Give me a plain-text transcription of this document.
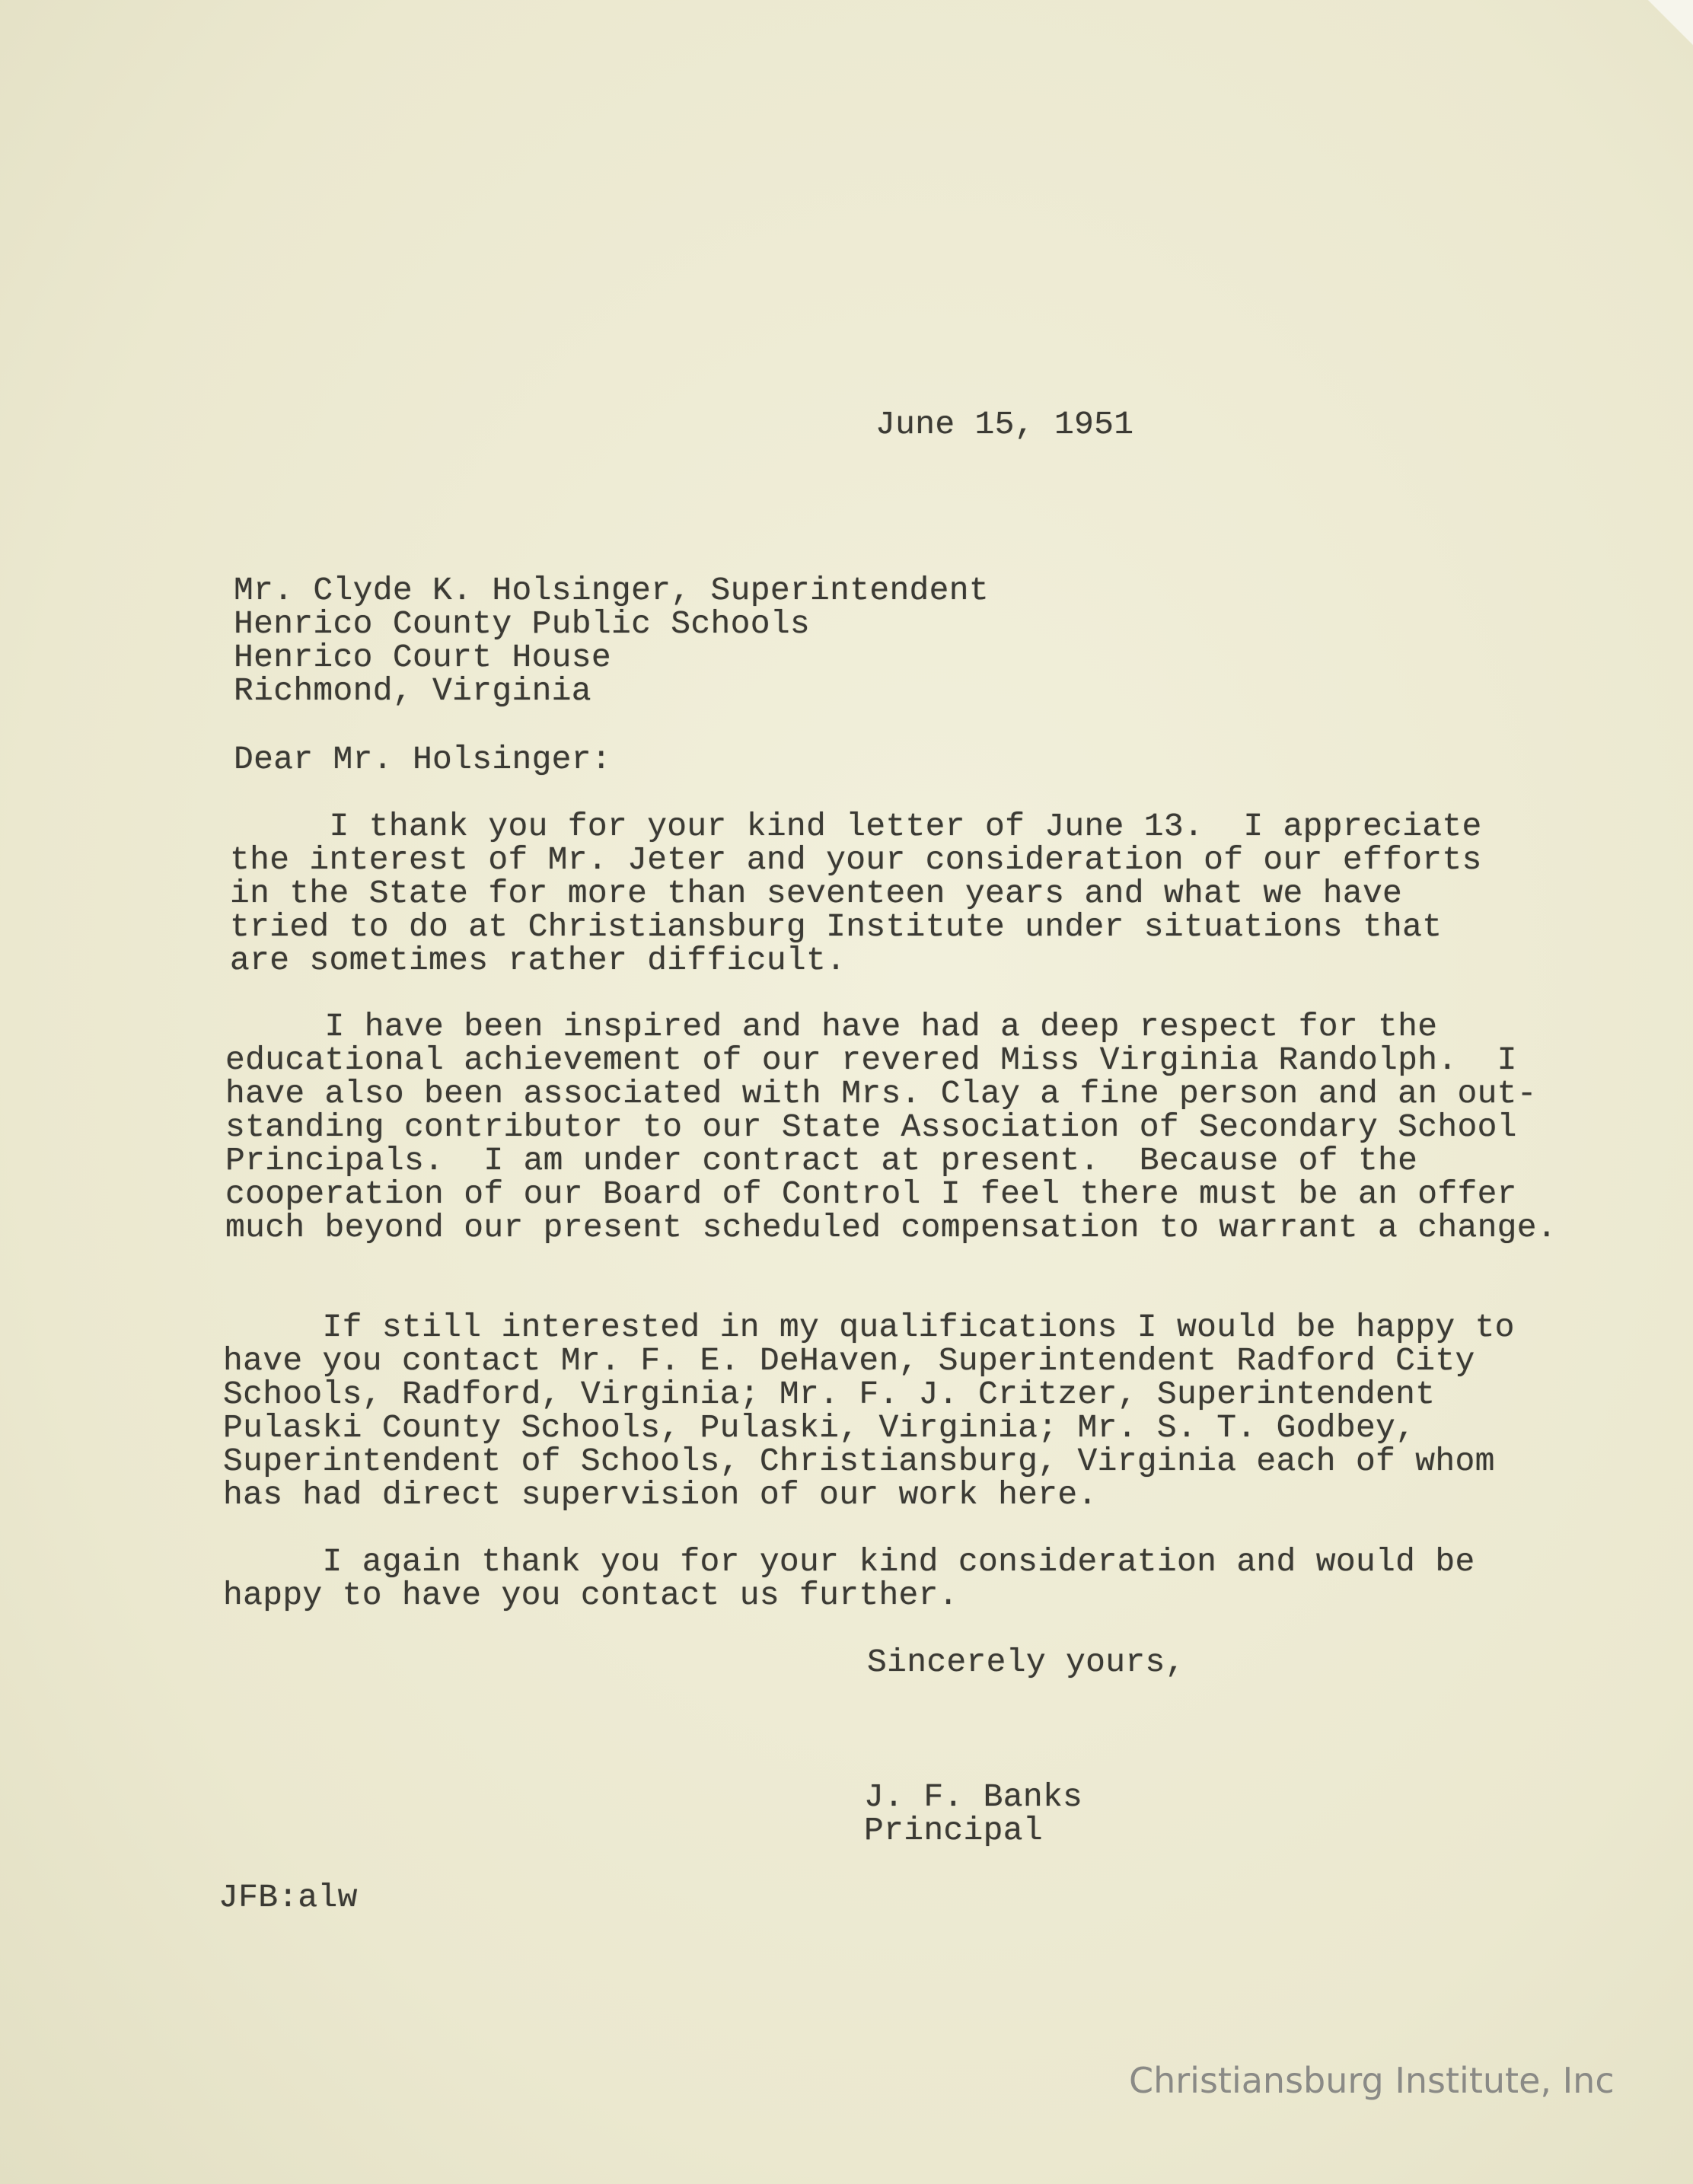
June 15, 1951
Mr. Clyde K. Holsinger, Superintendent
Henrico County Public Schools
Henrico Court House
Richmond, Virginia
Dear Mr. Holsinger:
I thank you for your kind letter of June 13.  I appreciate
the interest of Mr. Jeter and your consideration of our efforts
in the State for more than seventeen years and what we have
tried to do at Christiansburg Institute under situations that
are sometimes rather difficult.
I have been inspired and have had a deep respect for the
educational achievement of our revered Miss Virginia Randolph.  I
have also been associated with Mrs. Clay a fine person and an out-
standing contributor to our State Association of Secondary School
Principals.  I am under contract at present.  Because of the
cooperation of our Board of Control I feel there must be an offer
much beyond our present scheduled compensation to warrant a change.
If still interested in my qualifications I would be happy to
have you contact Mr. F. E. DeHaven, Superintendent Radford City
Schools, Radford, Virginia; Mr. F. J. Critzer, Superintendent
Pulaski County Schools, Pulaski, Virginia; Mr. S. T. Godbey,
Superintendent of Schools, Christiansburg, Virginia each of whom
has had direct supervision of our work here.
I again thank you for your kind consideration and would be
happy to have you contact us further.
Sincerely yours,
J. F. Banks
Principal
JFB:alw
Christiansburg Institute, Inc
